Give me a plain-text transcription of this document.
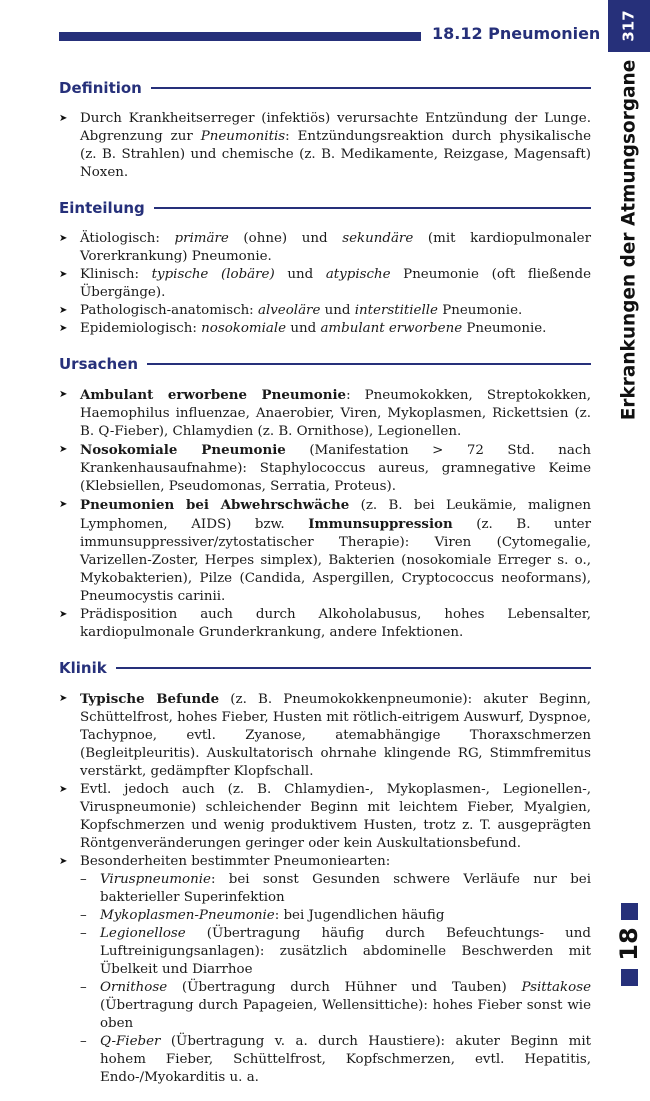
18.12 Pneumonien 317
Erkrankungen der Atmungsorgane
18
Definition
➤ Durch Krankheitserreger (infektiös) verursachte Entzündung der Lunge. Abgrenzung zur Pneumonitis: Entzündungsreaktion durch physikalische (z. B. Strahlen) und chemische (z. B. Medikamente, Reizgase, Magensaft) Noxen.
Einteilung
➤ Ätiologisch: primäre (ohne) und sekundäre (mit kardiopulmonaler Vorerkrankung) Pneumonie.
➤ Klinisch: typische (lobäre) und atypische Pneumonie (oft fließende Übergänge).
➤ Pathologisch-anatomisch: alveoläre und interstitielle Pneumonie.
➤ Epidemiologisch: nosokomiale und ambulant erworbene Pneumonie.
Ursachen
➤ Ambulant erworbene Pneumonie: Pneumokokken, Streptokokken, Haemophilus influenzae, Anaerobier, Viren, Mykoplasmen, Rickettsien (z. B. Q-Fieber), Chlamydien (z. B. Ornithose), Legionellen.
➤ Nosokomiale Pneumonie (Manifestation > 72 Std. nach Krankenhausaufnahme): Staphylococcus aureus, gramnegative Keime (Klebsiellen, Pseudomonas, Serratia, Proteus).
➤ Pneumonien bei Abwehrschwäche (z. B. bei Leukämie, malignen Lymphomen, AIDS) bzw. Immunsuppression (z. B. unter immunsuppressiver/zytostatischer Therapie): Viren (Cytomegalie, Varizellen-Zoster, Herpes simplex), Bakterien (nosokomiale Erreger s. o., Mykobakterien), Pilze (Candida, Aspergillen, Cryptococcus neoformans), Pneumocystis carinii.
➤ Prädisposition auch durch Alkoholabusus, hohes Lebensalter, kardiopulmonale Grunderkrankung, andere Infektionen.
Klinik
➤ Typische Befunde (z. B. Pneumokokkenpneumonie): akuter Beginn, Schüttelfrost, hohes Fieber, Husten mit rötlich-eitrigem Auswurf, Dyspnoe, Tachypnoe, evtl. Zyanose, atemabhängige Thoraxschmerzen (Begleitpleuritis). Auskultatorisch ohrnahe klingende RG, Stimmfremitus verstärkt, gedämpfter Klopfschall.
➤ Evtl. jedoch auch (z. B. Chlamydien-, Mykoplasmen-, Legionellen-, Viruspneumonie) schleichender Beginn mit leichtem Fieber, Myalgien, Kopfschmerzen und wenig produktivem Husten, trotz z. T. ausgeprägten Röntgenveränderungen geringer oder kein Auskultationsbefund.
➤ Besonderheiten bestimmter Pneumoniearten:
– Viruspneumonie: bei sonst Gesunden schwere Verläufe nur bei bakterieller Superinfektion
– Mykoplasmen-Pneumonie: bei Jugendlichen häufig
– Legionellose (Übertragung häufig durch Befeuchtungs- und Luftreinigungsanlagen): zusätzlich abdominelle Beschwerden mit Übelkeit und Diarrhoe
– Ornithose (Übertragung durch Hühner und Tauben) Psittakose (Übertragung durch Papageien, Wellensittiche): hohes Fieber sonst wie oben
– Q-Fieber (Übertragung v. a. durch Haustiere): akuter Beginn mit hohem Fieber, Schüttelfrost, Kopfschmerzen, evtl. Hepatitis, Endo-/Myokarditis u. a.
